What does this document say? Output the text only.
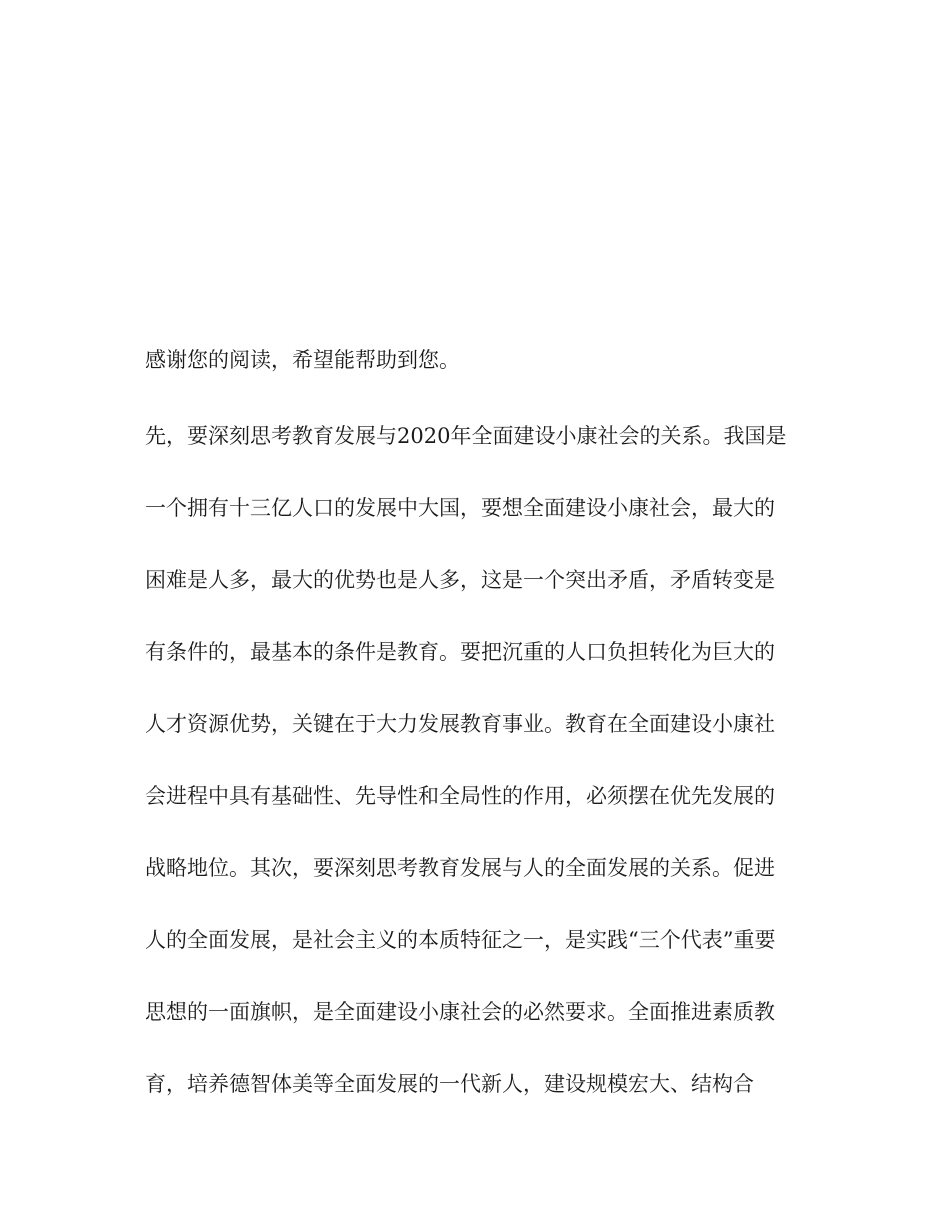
感谢您的阅读，希望能帮助到您。
先，要深刻思考教育发展与2020年全面建设小康社会的关系。我国是
一个拥有十三亿人口的发展中大国，要想全面建设小康社会，最大的
困难是人多，最大的优势也是人多，这是一个突出矛盾，矛盾转变是
有条件的，最基本的条件是教育。要把沉重的人口负担转化为巨大的
人才资源优势，关键在于大力发展教育事业。教育在全面建设小康社
会进程中具有基础性、先导性和全局性的作用，必须摆在优先发展的
战略地位。其次，要深刻思考教育发展与人的全面发展的关系。促进
人的全面发展，是社会主义的本质特征之一，是实践“三个代表”重要
思想的一面旗帜，是全面建设小康社会的必然要求。全面推进素质教
育，培养德智体美等全面发展的一代新人，建设规模宏大、结构合
